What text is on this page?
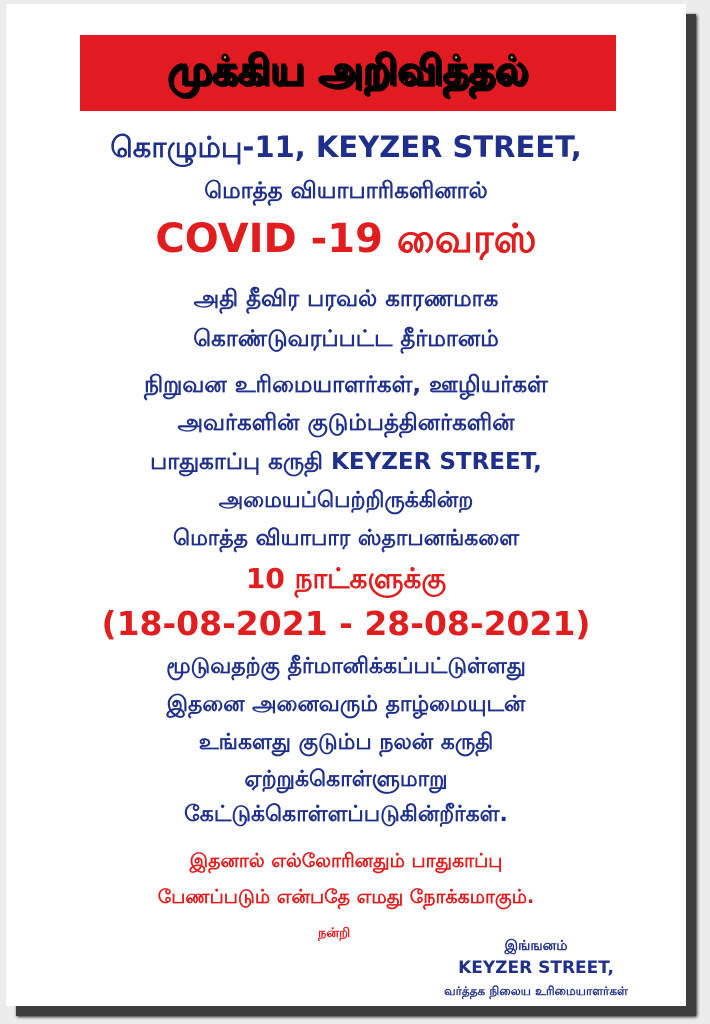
முக்கிய அறிவித்தல்
கொழும்பு-11, KEYZER STREET,
மொத்த வியாபாரிகளினால்
COVID -19 வைரஸ்
அதி தீவிர பரவல் காரணமாக
கொண்டுவரப்பட்ட தீர்மானம்
நிறுவன உரிமையாளர்கள், ஊழியர்கள்
அவர்களின் குடும்பத்தினர்களின்
பாதுகாப்பு கருதி KEYZER STREET,
அமையப்பெற்றிருக்கின்ற
மொத்த வியாபார ஸ்தாபனங்களை
10 நாட்களுக்கு
(18-08-2021 - 28-08-2021)
மூடுவதற்கு தீர்மானிக்கப்பட்டுள்ளது
இதனை அனைவரும் தாழ்மையுடன்
உங்களது குடும்ப நலன் கருதி
ஏற்றுக்கொள்ளுமாறு
கேட்டுக்கொள்ளப்படுகின்றீர்கள்.
இதனால் எல்லோரினதும் பாதுகாப்பு
பேணப்படும் என்பதே எமது நோக்கமாகும்.
நன்றி
இங்ஙனம்
KEYZER STREET,
வர்த்தக நிலைய உரிமையாளர்கள்
